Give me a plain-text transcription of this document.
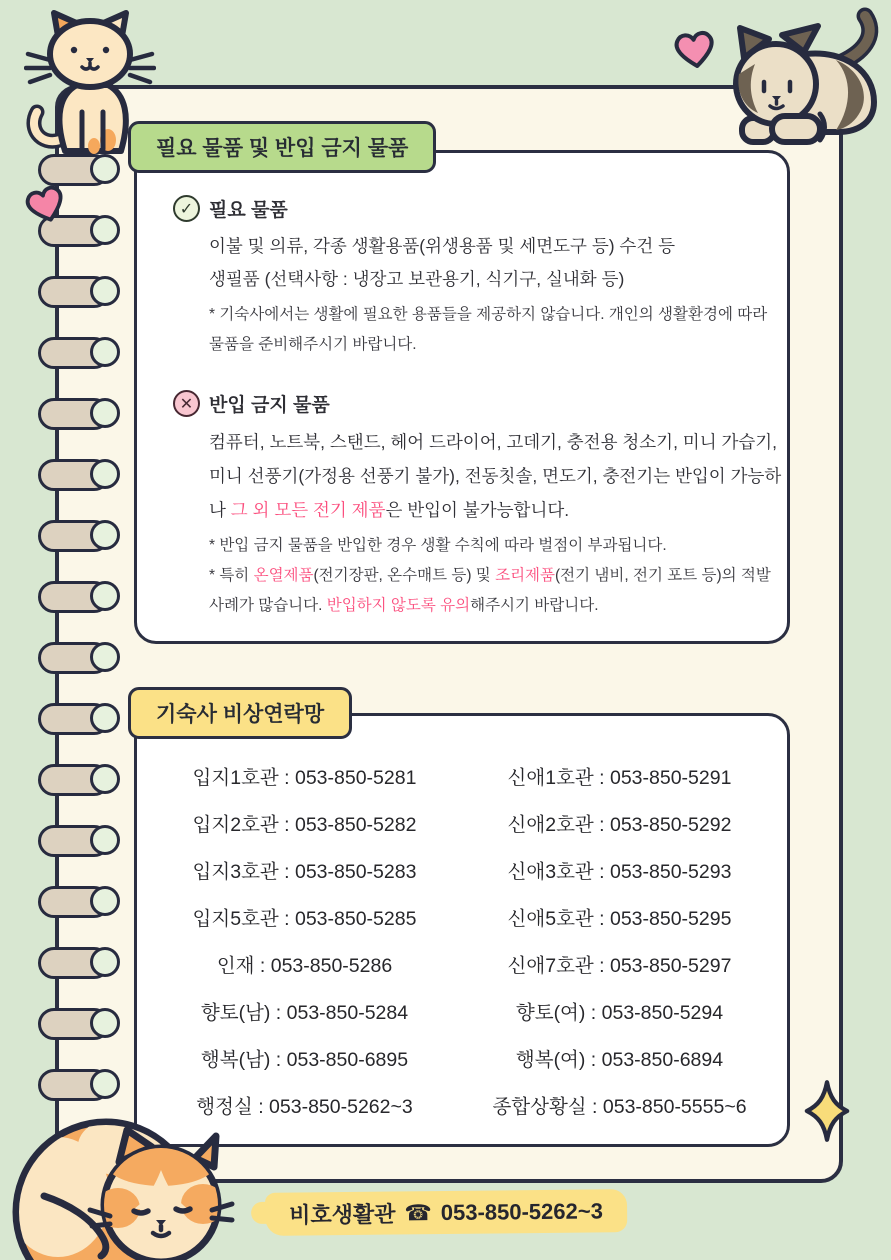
✓ 필요 물품

이불 및 의류, 각종 생활용품(위생용품 및 세면도구 등) 수건 등

생필품 (선택사항 : 냉장고 보관용기, 식기구, 실내화 등)

* 기숙사에서는 생활에 필요한 용품들을 제공하지 않습니다. 개인의 생활환경에 따라 물품을 준비해주시기 바랍니다.

✕ 반입 금지 물품

컴퓨터, 노트북, 스탠드, 헤어 드라이어, 고데기, 충전용 청소기, 미니 가습기, 미니 선풍기(가정용 선풍기 불가), 전동칫솔, 면도기, 충전기는 반입이 가능하나 그 외 모든 전기 제품은 반입이 불가능합니다.

* 반입 금지 물품을 반입한 경우 생활 수칙에 따라 벌점이 부과됩니다.

* 특히 온열제품(전기장판, 온수매트 등) 및 조리제품(전기 냄비, 전기 포트 등)의 적발 사례가 많습니다. 반입하지 않도록 유의해주시기 바랍니다.

필요 물품 및 반입 금지 물품
입지1호관 : 053-850-5281	신애1호관 : 053-850-5291
입지2호관 : 053-850-5282	신애2호관 : 053-850-5292
입지3호관 : 053-850-5283	신애3호관 : 053-850-5293
입지5호관 : 053-850-5285	신애5호관 : 053-850-5295
인재 : 053-850-5286	신애7호관 : 053-850-5297
향토(남) : 053-850-5284	향토(여) : 053-850-5294
행복(남) : 053-850-6895	행복(여) : 053-850-6894
행정실 : 053-850-5262~3	종합상황실 : 053-850-5555~6
기숙사 비상연락망
비호생활관 ☎ 053-850-5262~3
